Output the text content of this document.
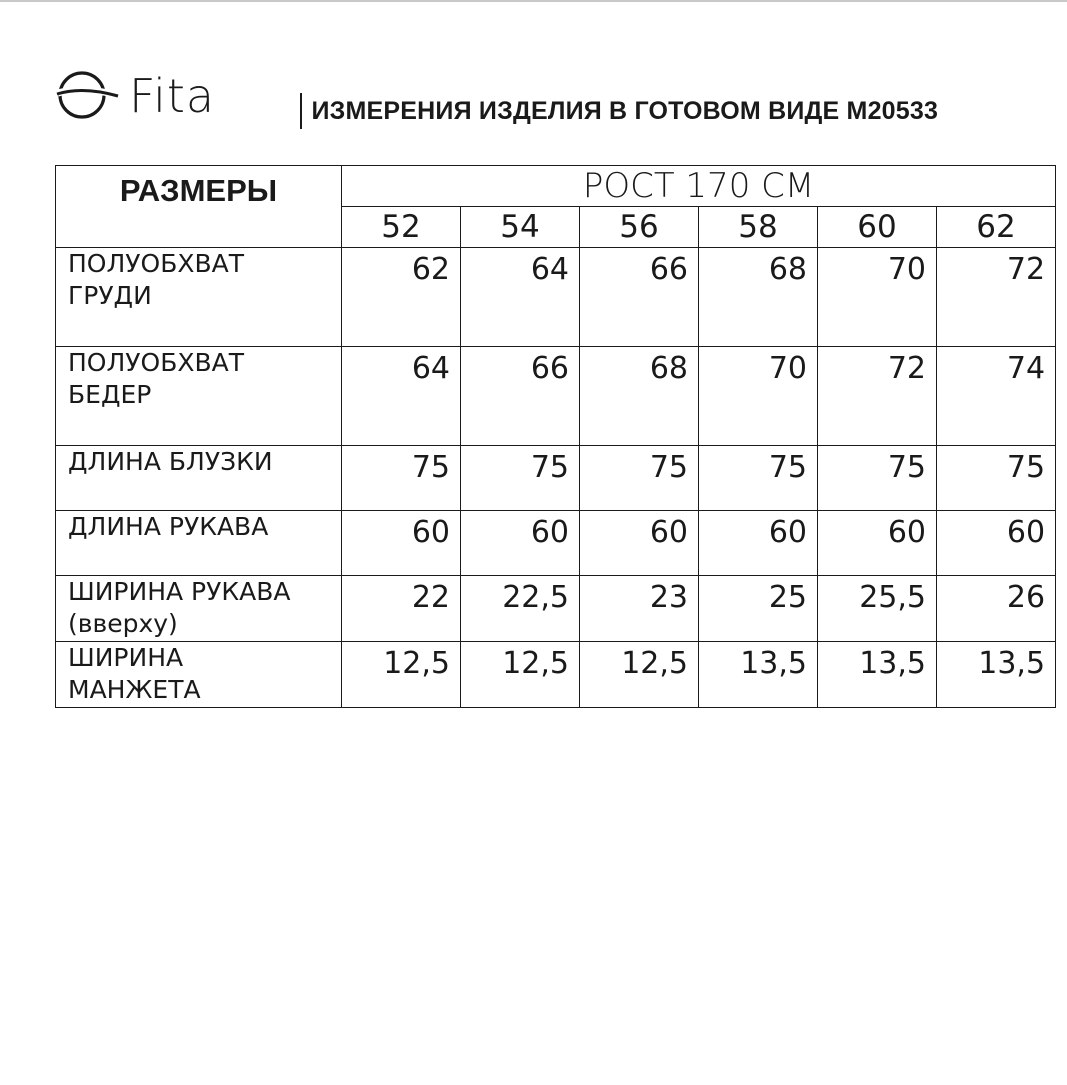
Fita	ИЗМЕРЕНИЯ ИЗДЕЛИЯ В ГОТОВОМ ВИДЕ M20533
РАЗМЕРЫ	РОСТ 170 СМ					
	52	54	56	58	60	62

ПОЛУОБХВАТ
ГРУДИ	62	64	66	68	70	72

ПОЛУОБХВАТ
БЕДЕР	64	66	68	70	72	74

ДЛИНА БЛУЗКИ	75	75	75	75	75	75

ДЛИНА РУКАВА	60	60	60	60	60	60

ШИРИНА РУКАВА
(вверху)	22	22,5	23	25	25,5	26

ШИРИНА
МАНЖЕТА	12,5	12,5	12,5	13,5	13,5	13,5
